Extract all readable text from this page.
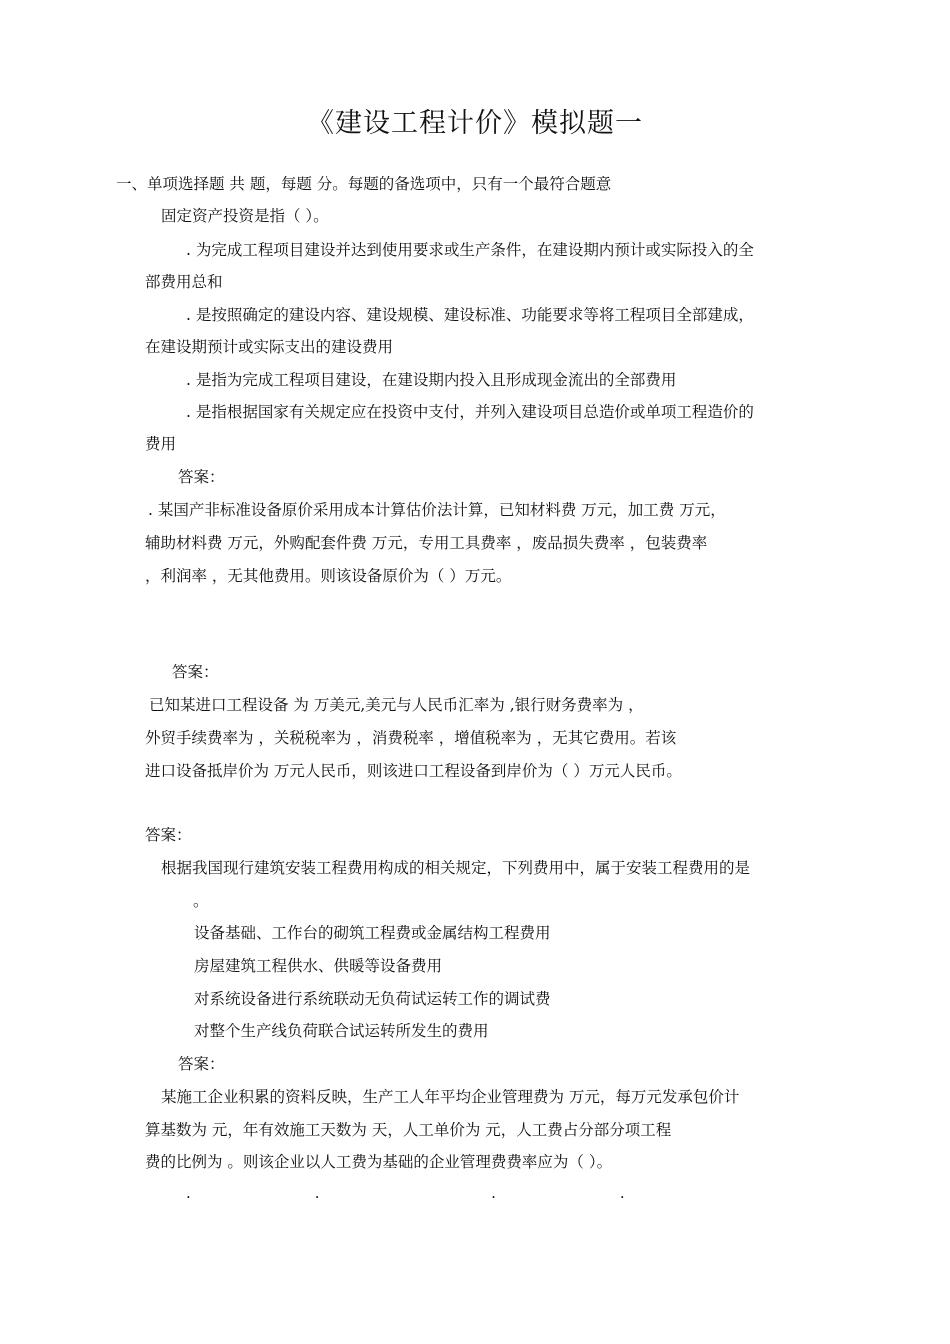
《建设工程计价》模拟题一
一、单项选择题 共 题，每题 分。每题的备选项中，只有一个最符合题意
固定资产投资是指（ ）。
. 为完成工程项目建设并达到使用要求或生产条件，在建设期内预计或实际投入的全
部费用总和
. 是按照确定的建设内容、建设规模、建设标准、功能要求等将工程项目全部建成，
在建设期预计或实际支出的建设费用
. 是指为完成工程项目建设，在建设期内投入且形成现金流出的全部费用
. 是指根据国家有关规定应在投资中支付，并列入建设项目总造价或单项工程造价的
费用
答案：
. 某国产非标准设备原价采用成本计算估价法计算，已知材料费 万元，加工费 万元，
辅助材料费 万元，外购配套件费 万元，专用工具费率 ，废品损失费率 ，包装费率
，利润率 ，无其他费用。则该设备原价为（ ）万元。
答案：
已知某进口工程设备 为 万美元,美元与人民币汇率为 ,银行财务费率为 ，
外贸手续费率为 ，关税税率为 ，消费税率 ，增值税率为 ，无其它费用。若该
进口设备抵岸价为 万元人民币，则该进口工程设备到岸价为（ ）万元人民币。
答案：
根据我国现行建筑安装工程费用构成的相关规定，下列费用中，属于安装工程费用的是
。
设备基础、工作台的砌筑工程费或金属结构工程费用
房屋建筑工程供水、供暖等设备费用
对系统设备进行系统联动无负荷试运转工作的调试费
对整个生产线负荷联合试运转所发生的费用
答案：
某施工企业积累的资料反映，生产工人年平均企业管理费为 万元，每万元发承包价计
算基数为 元，年有效施工天数为 天，人工单价为 元，人工费占分部分项工程
费的比例为 。则该企业以人工费为基础的企业管理费费率应为（ ）。
.                          .                                    .                          .
